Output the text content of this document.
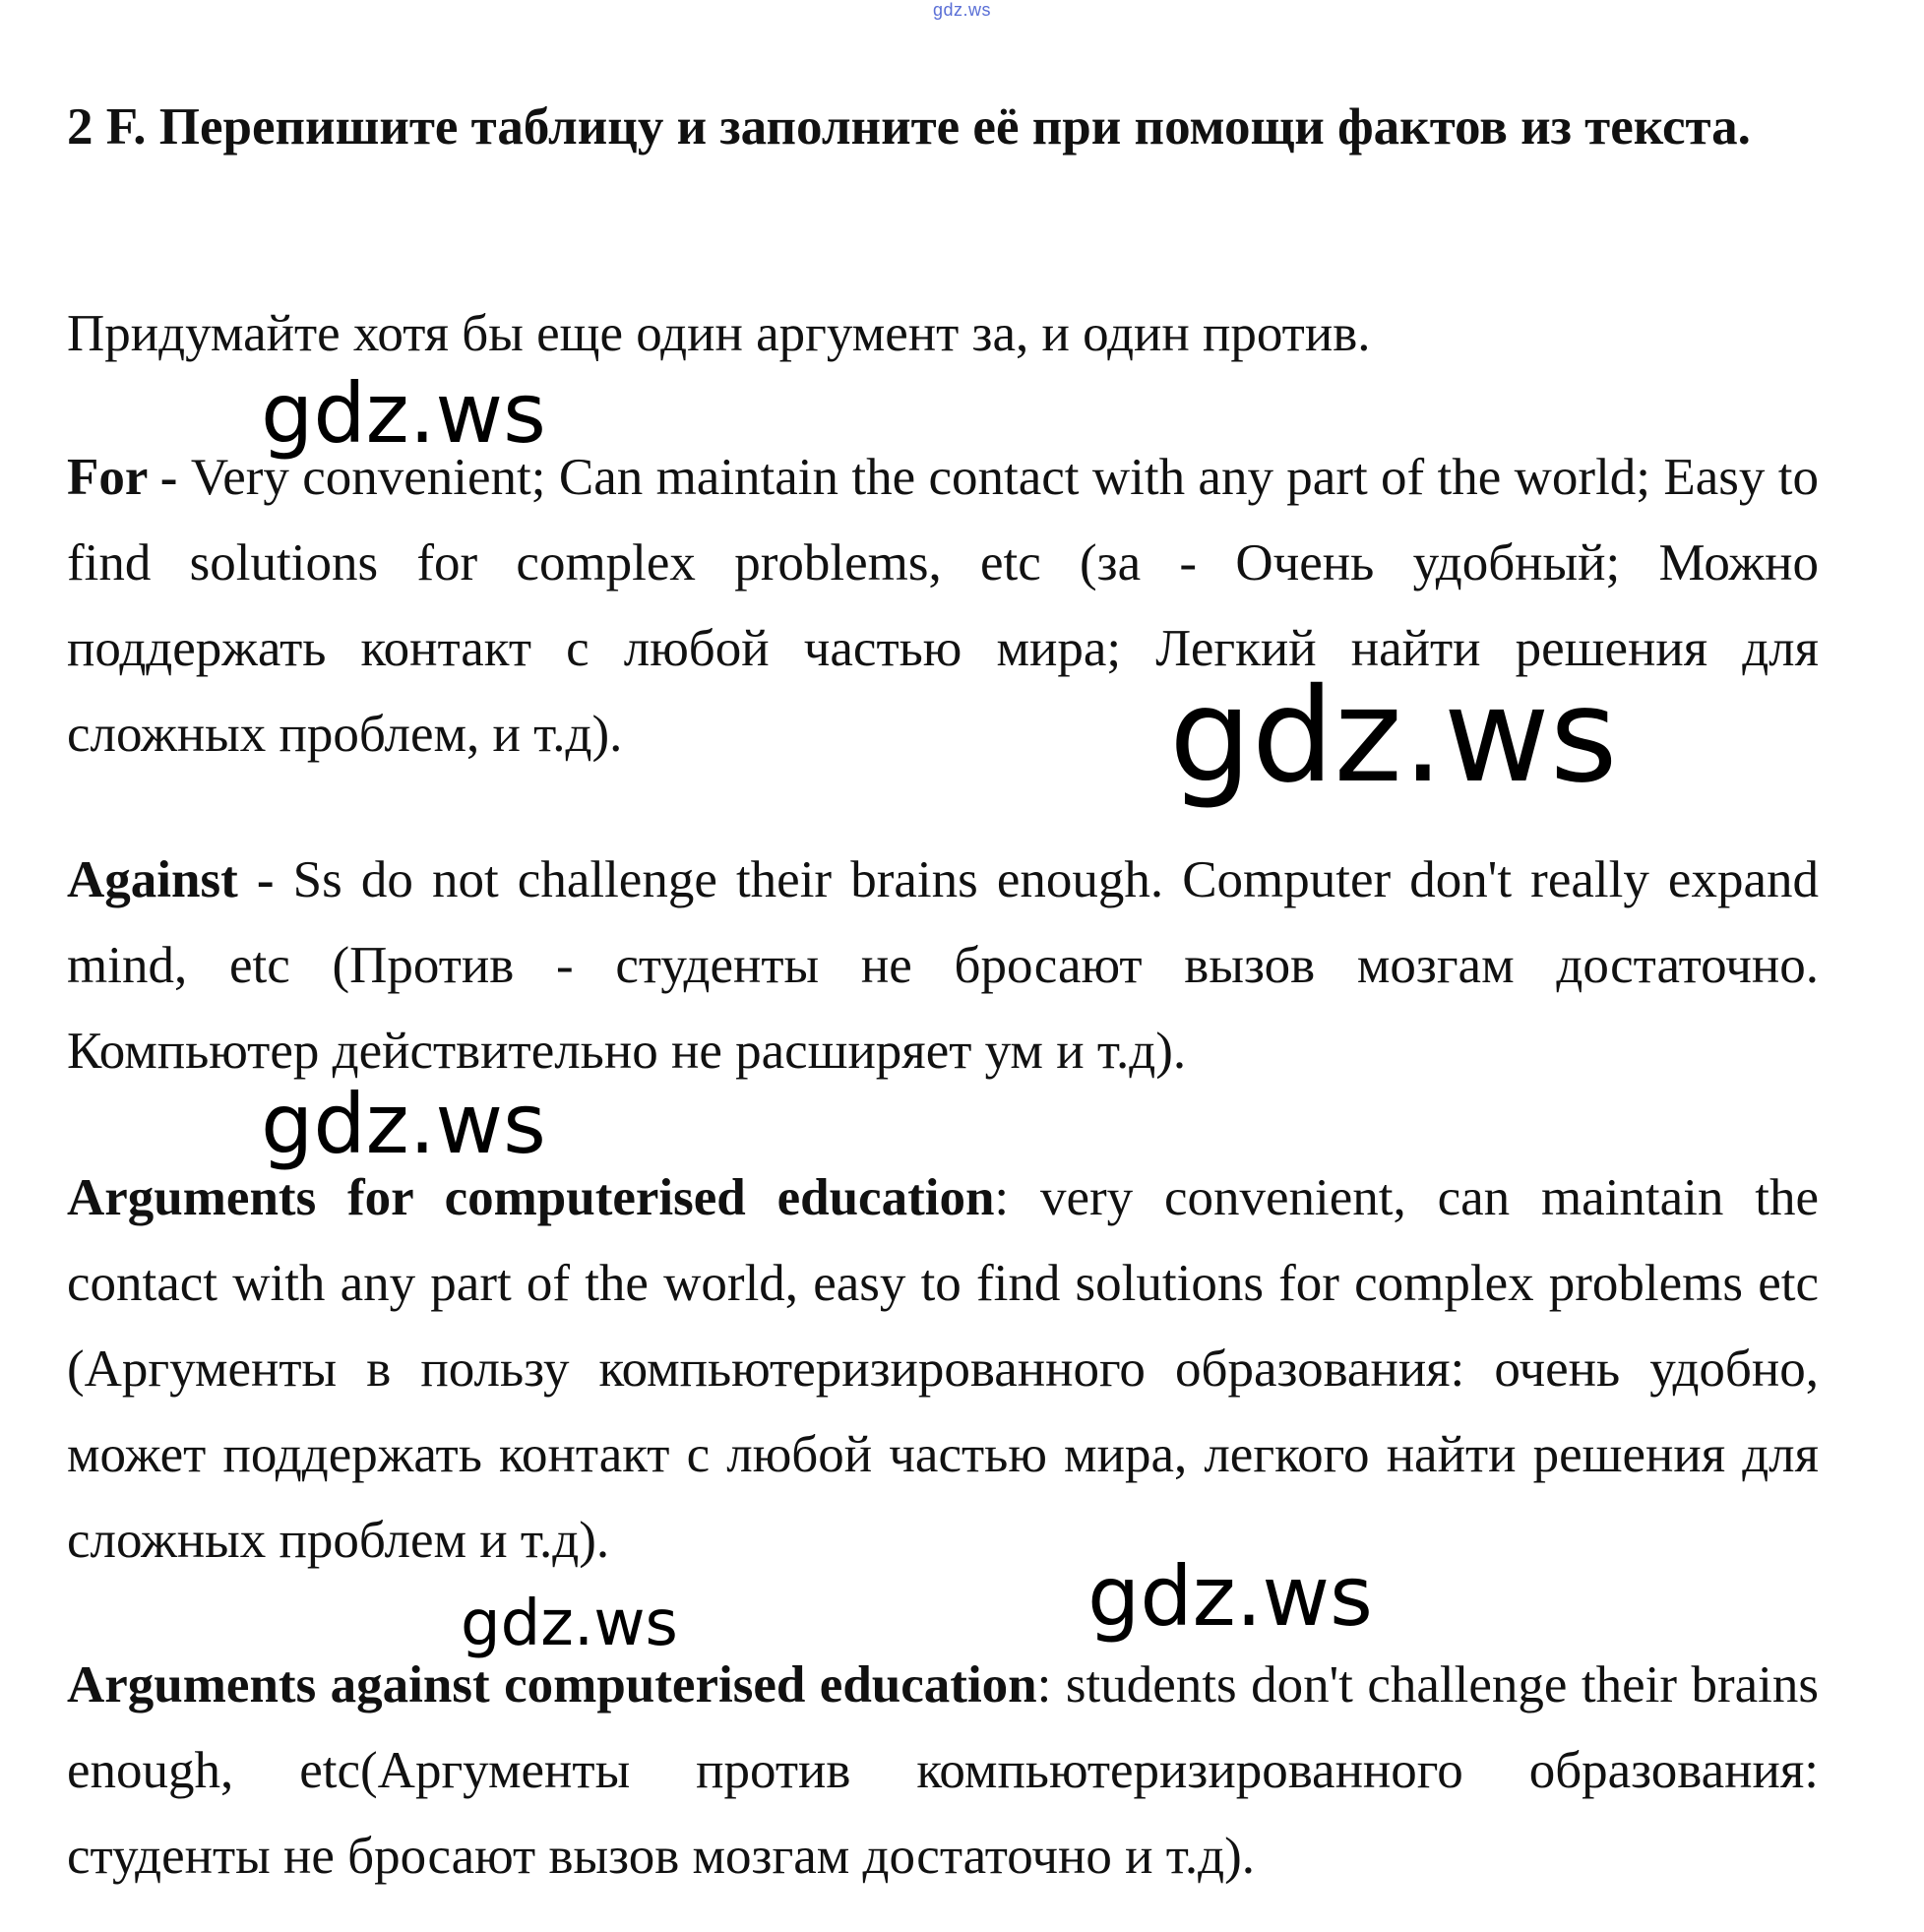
gdz.ws
2 F. Перепишите таблицу и заполните её при помощи фактов из текста.
Придумайте хотя бы еще один аргумент за, и один против.
For - Very convenient; Can maintain the contact with any part of the world; Easy to find solutions for complex problems, etc (за - Очень удобный; Можно поддержать контакт с любой частью мира; Легкий найти решения для сложных проблем, и т.д).
Against - Ss do not challenge their brains enough. Computer don't really expand mind, etc (Против - студенты не бросают вызов мозгам достаточно. Компьютер действительно не расширяет ум и т.д).
Arguments for computerised education: very convenient, can maintain the contact with any part of the world, easy to find solutions for complex problems etc (Аргументы в пользу компьютеризированного образования: очень удобно, может поддержать контакт с любой частью мира, легкого найти решения для сложных проблем и т.д).
Arguments against computerised education: students don't challenge their brains enough, etc(Аргументы против компьютеризированного образования: студенты не бросают вызов мозгам достаточно и т.д).
gdz.ws
gdz.ws
gdz.ws
gdz.ws	gdz.ws
